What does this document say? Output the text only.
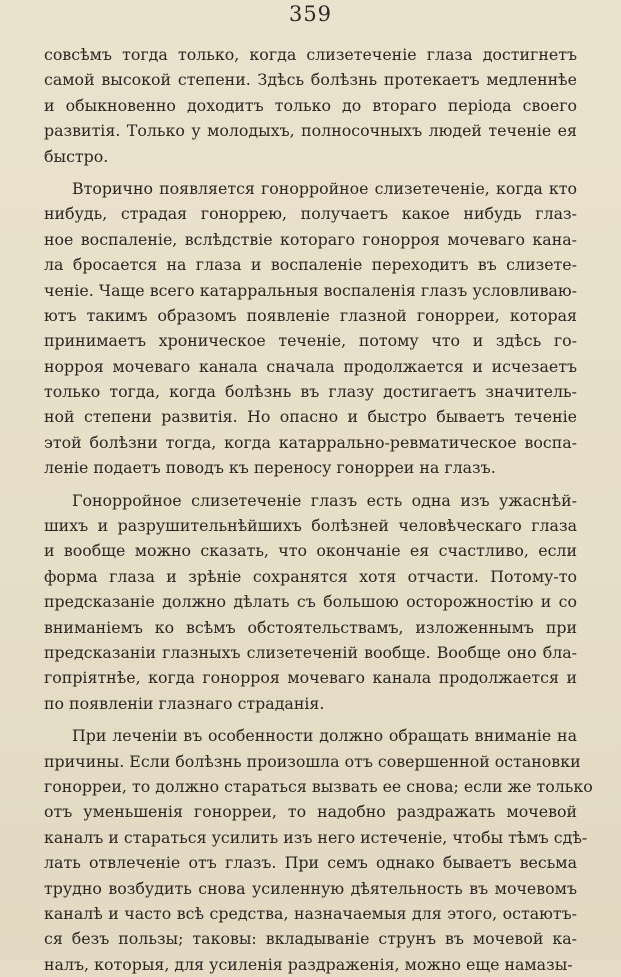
359
совсѣмъ тогда только, когда слизетеченіе глаза достигнетъ
самой высокой степени. Здѣсь болѣзнь протекаетъ медленнѣе
и обыкновенно доходитъ только до втораго періода своего
развитія. Только у молодыхъ, полносочныхъ людей теченіе ея
быстро.
Вторично появляется гонорройное слизетеченіе, когда кто
нибудь, страдая гоноррею, получаетъ какое нибудь глаз-
ное воспаленіе, вслѣдствіе котораго гонорроя мочеваго кана-
ла бросается на глаза и воспаленіе переходитъ въ слизете-
ченіе. Чаще всего катарральныя воспаленія глазъ условливаю-
ютъ такимъ образомъ появленіе глазной гонорреи, которая
принимаетъ хроническое теченіе, потому что и здѣсь го-
норроя мочеваго канала сначала продолжается и исчезаетъ
только тогда, когда болѣзнь въ глазу достигаетъ значитель-
ной степени развитія. Но опасно и быстро бываетъ теченіе
этой болѣзни тогда, когда катаррально-ревматическое воспа-
леніе подаетъ поводъ къ переносу гонорреи на глазъ.
Гонорройное слизетеченіе глазъ есть одна изъ ужаснѣй-
шихъ и разрушительнѣйшихъ болѣзней человѣческаго глаза
и вообще можно сказать, что окончаніе ея счастливо, если
форма глаза и зрѣніе сохранятся хотя отчасти. Потому-то
предсказаніе должно дѣлать съ большою осторожностію и со
вниманіемъ ко всѣмъ обстоятельствамъ, изложеннымъ при
предсказаніи глазныхъ слизетеченій вообще. Вообще оно бла-
гопріятнѣе, когда гонорроя мочеваго канала продолжается и
по появленіи глазнаго страданія.
При леченіи въ особенности должно обращать вниманіе на
причины. Если болѣзнь произошла отъ совершенной остановки
гонорреи, то должно стараться вызвать ее снова; если же только
отъ уменьшенія гонорреи, то надобно раздражать мочевой
каналъ и стараться усилить изъ него истеченіе, чтобы тѣмъ сдѣ-
лать отвлеченіе отъ глазъ. При семъ однако бываетъ весьма
трудно возбудить снова усиленную дѣятельность въ мочевомъ
каналѣ и часто всѣ средства, назначаемыя для этого, остаютъ-
ся безъ пользы; таковы: вкладываніе струнъ въ мочевой ка-
налъ, которыя, для усиленія раздраженія, можно еще намазы-
